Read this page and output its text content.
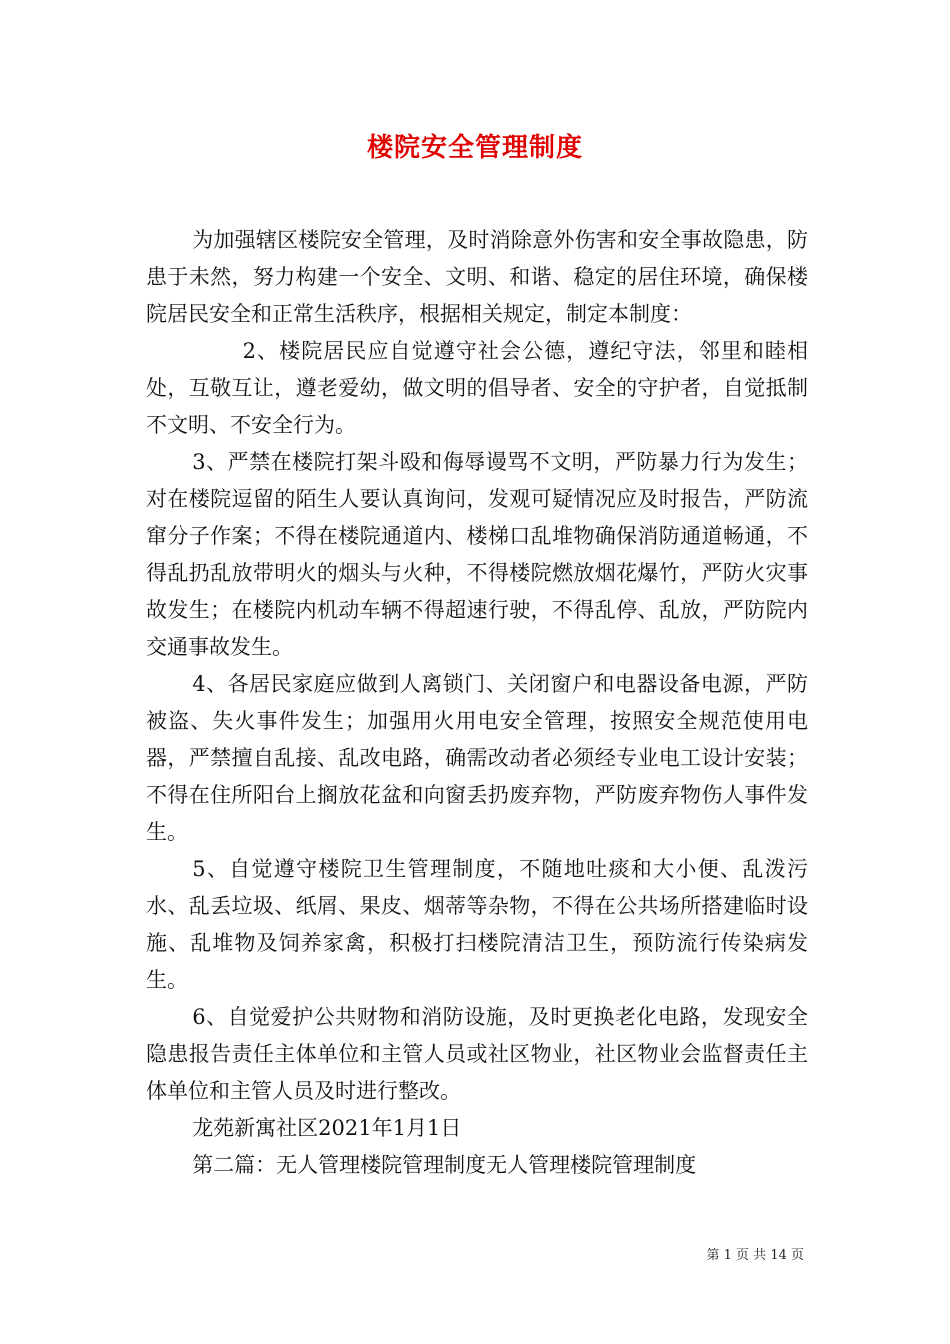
楼院安全管理制度

为加强辖区楼院安全管理，及时消除意外伤害和安全事故隐患，防患于未然，努力构建一个安全、文明、和谐、稳定的居住环境，确保楼院居民安全和正常生活秩序，根据相关规定，制定本制度：

2、楼院居民应自觉遵守社会公德，遵纪守法，邻里和睦相处，互敬互让，遵老爱幼，做文明的倡导者、安全的守护者，自觉抵制不文明、不安全行为。

3、严禁在楼院打架斗殴和侮辱谩骂不文明，严防暴力行为发生；对在楼院逗留的陌生人要认真询问，发观可疑情况应及时报告，严防流窜分子作案；不得在楼院通道内、楼梯口乱堆物确保消防通道畅通，不得乱扔乱放带明火的烟头与火种，不得楼院燃放烟花爆竹，严防火灾事故发生；在楼院内机动车辆不得超速行驶，不得乱停、乱放，严防院内交通事故发生。

4、各居民家庭应做到人离锁门、关闭窗户和电器设备电源，严防被盗、失火事件发生；加强用火用电安全管理，按照安全规范使用电器，严禁擅自乱接、乱改电路，确需改动者必须经专业电工设计安装；不得在住所阳台上搁放花盆和向窗丢扔废弃物，严防废弃物伤人事件发生。

5、自觉遵守楼院卫生管理制度，不随地吐痰和大小便、乱泼污水、乱丢垃圾、纸屑、果皮、烟蒂等杂物，不得在公共场所搭建临时设施、乱堆物及饲养家禽，积极打扫楼院清洁卫生，预防流行传染病发生。

6、自觉爱护公共财物和消防设施，及时更换老化电路，发现安全隐患报告责任主体单位和主管人员或社区物业，社区物业会监督责任主体单位和主管人员及时进行整改。

龙苑新寓社区2021年1月1日

第二篇：无人管理楼院管理制度无人管理楼院管理制度

第 1 页 共 14 页
